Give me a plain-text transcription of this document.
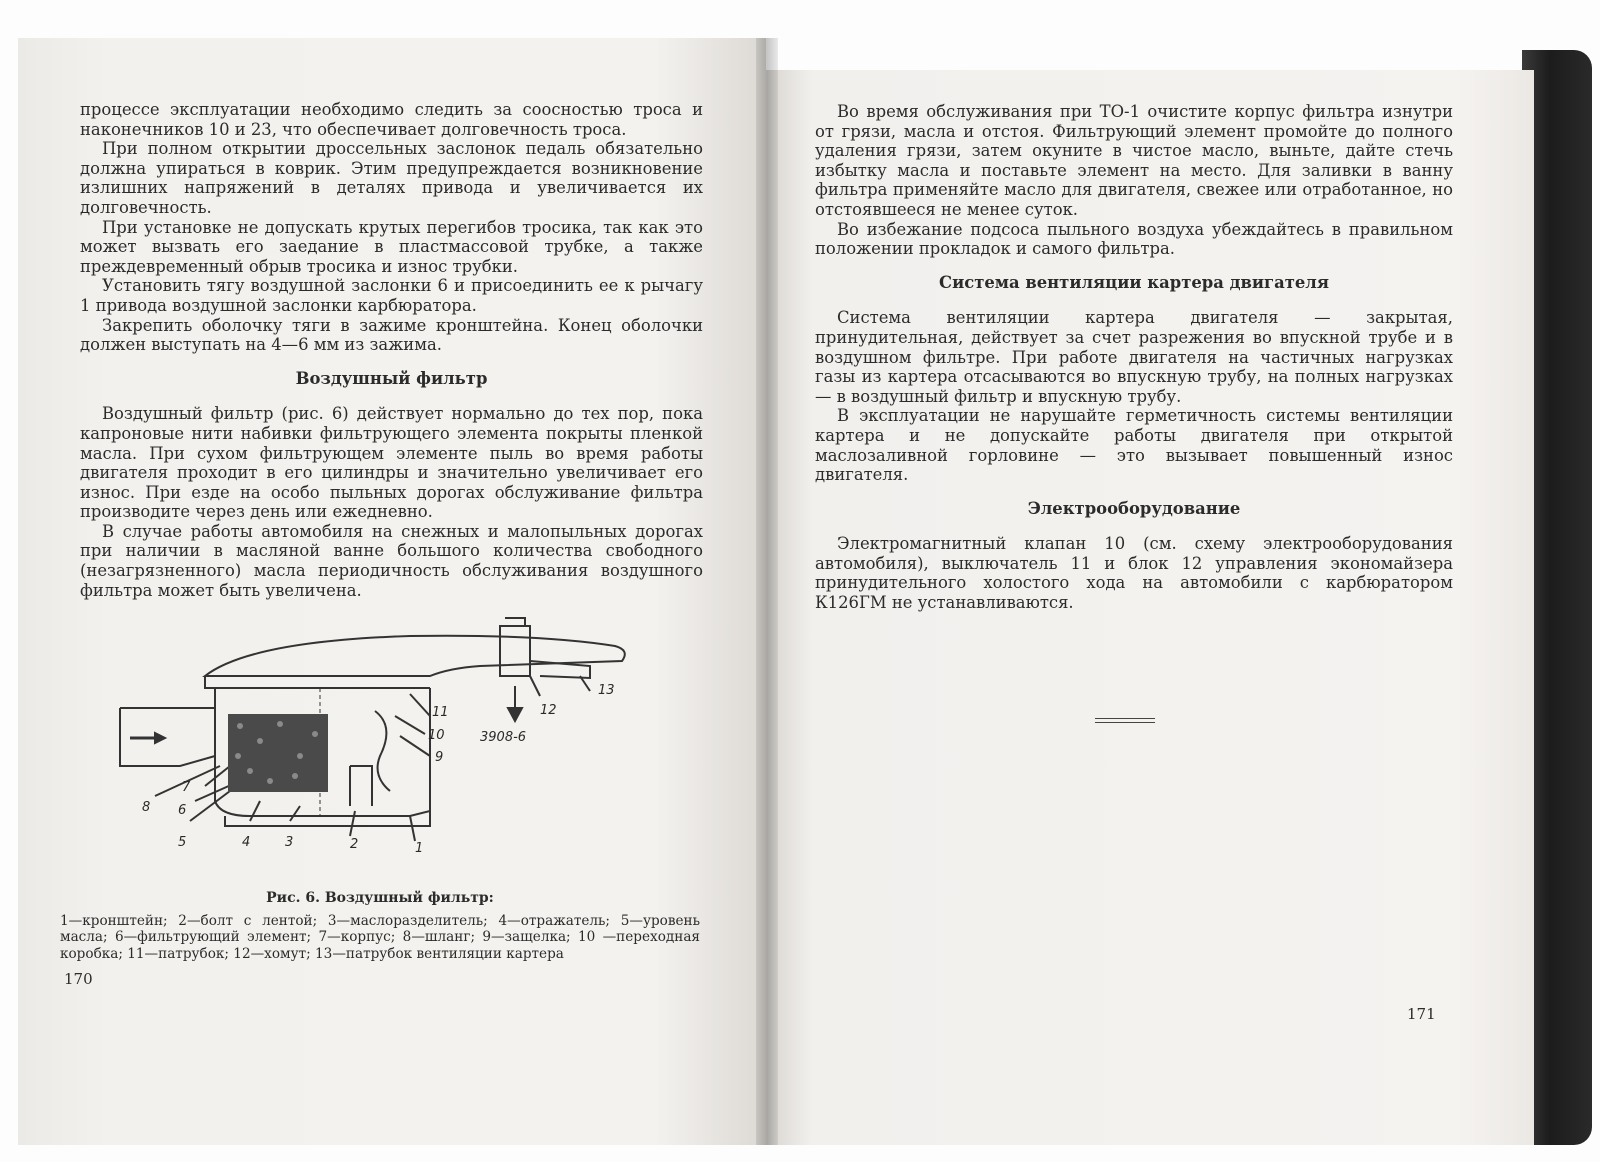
процессе эксплуатации необходимо следить за соосностью троса и наконечников 10 и 23, что обеспечивает долговечность троса.

При полном открытии дроссельных заслонок педаль обязательно должна упираться в коврик. Этим предупреждается возникновение излишних напряжений в деталях привода и увеличивается их долговечность.

При установке не допускать крутых перегибов тросика, так как это может вызвать его заедание в пластмассовой трубке, а также преждевременный обрыв тросика и износ трубки.

Установить тягу воздушной заслонки 6 и присоединить ее к рычагу 1 привода воздушной заслонки карбюратора.

Закрепить оболочку тяги в зажиме кронштейна. Конец оболочки должен выступать на 4—6 мм из зажима.

Воздушный фильтр

Воздушный фильтр (рис. 6) действует нормально до тех пор, пока капроновые нити набивки фильтрующего элемента покрыты пленкой масла. При сухом фильтрующем элементе пыль во время работы двигателя проходит в его цилиндры и значительно увеличивает его износ. При езде на особо пыльных дорогах обслуживание фильтра производите через день или ежедневно.

В случае работы автомобиля на снежных и малопыльных дорогах при наличии в масляной ванне большого количества свободного (незагрязненного) масла периодичность обслуживания воздушного фильтра может быть увеличена.

8
7
6
5	4	3	2	1
9
10
11	12
13
3908-6
Рис. 6. Воздушный фильтр:
1—кронштейн; 2—болт с лентой; 3—маслоразделитель; 4—отражатель; 5—уровень масла; 6—фильтрующий элемент; 7—корпус; 8—шланг; 9—защелка; 10 —переходная коробка; 11—патрубок; 12—хомут; 13—патрубок вентиляции картера
170

Во время обслуживания при ТО-1 очистите корпус фильтра изнутри от грязи, масла и отстоя. Фильтрующий элемент промойте до полного удаления грязи, затем окуните в чистое масло, выньте, дайте стечь избытку масла и поставьте элемент на место. Для заливки в ванну фильтра применяйте масло для двигателя, свежее или отработанное, но отстоявшееся не менее суток.

Во избежание подсоса пыльного воздуха убеждайтесь в правильном положении прокладок и самого фильтра.

Система вентиляции картера двигателя

Система вентиляции картера двигателя — закрытая, принудительная, действует за счет разрежения во впускной трубе и в воздушном фильтре. При работе двигателя на частичных нагрузках газы из картера отсасываются во впускную трубу, на полных нагрузках — в воздушный фильтр и впускную трубу.

В эксплуатации не нарушайте герметичность системы вентиляции картера и не допускайте работы двигателя при открытой маслозаливной горловине — это вызывает повышенный износ двигателя.

Электрооборудование

Электромагнитный клапан 10 (см. схему электрооборудования автомобиля), выключатель 11 и блок 12 управления экономайзера принудительного холостого хода на автомобили с карбюратором К126ГМ не устанавливаются.

171
